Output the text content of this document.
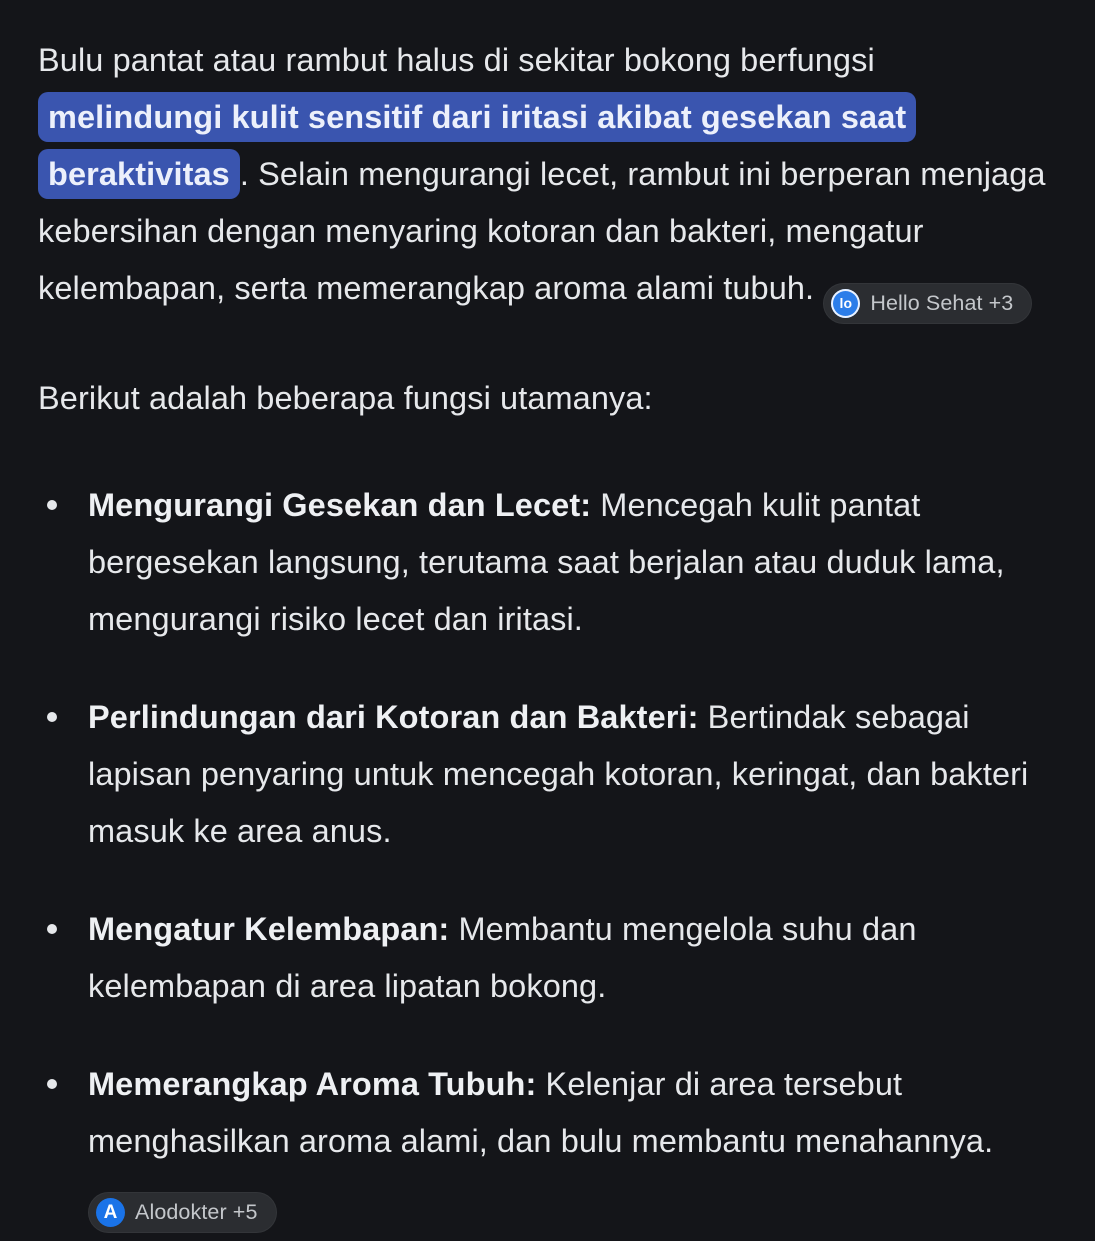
Bulu pantat atau rambut halus di sekitar bokong berfungsi melindungi kulit sensitif dari iritasi akibat gesekan saat beraktivitas . Selain mengurangi lecet, rambut ini berperan menjaga kebersihan dengan menyaring kotoran dan bakteri, mengatur kelembapan, serta memerangkap aroma alami tubuh.	lo Hello Sehat +3

Berikut adalah beberapa fungsi utamanya:

Mengurangi Gesekan dan Lecet: Mencegah kulit pantat bergesekan langsung, terutama saat berjalan atau duduk lama, mengurangi risiko lecet dan iritasi.
Perlindungan dari Kotoran dan Bakteri: Bertindak sebagai lapisan penyaring untuk mencegah kotoran, keringat, dan bakteri masuk ke area anus.
Mengatur Kelembapan: Membantu mengelola suhu dan kelembapan di area lipatan bokong.
Memerangkap Aroma Tubuh: Kelenjar di area tersebut menghasilkan aroma alami, dan bulu membantu menahannya.
A Alodokter +5
